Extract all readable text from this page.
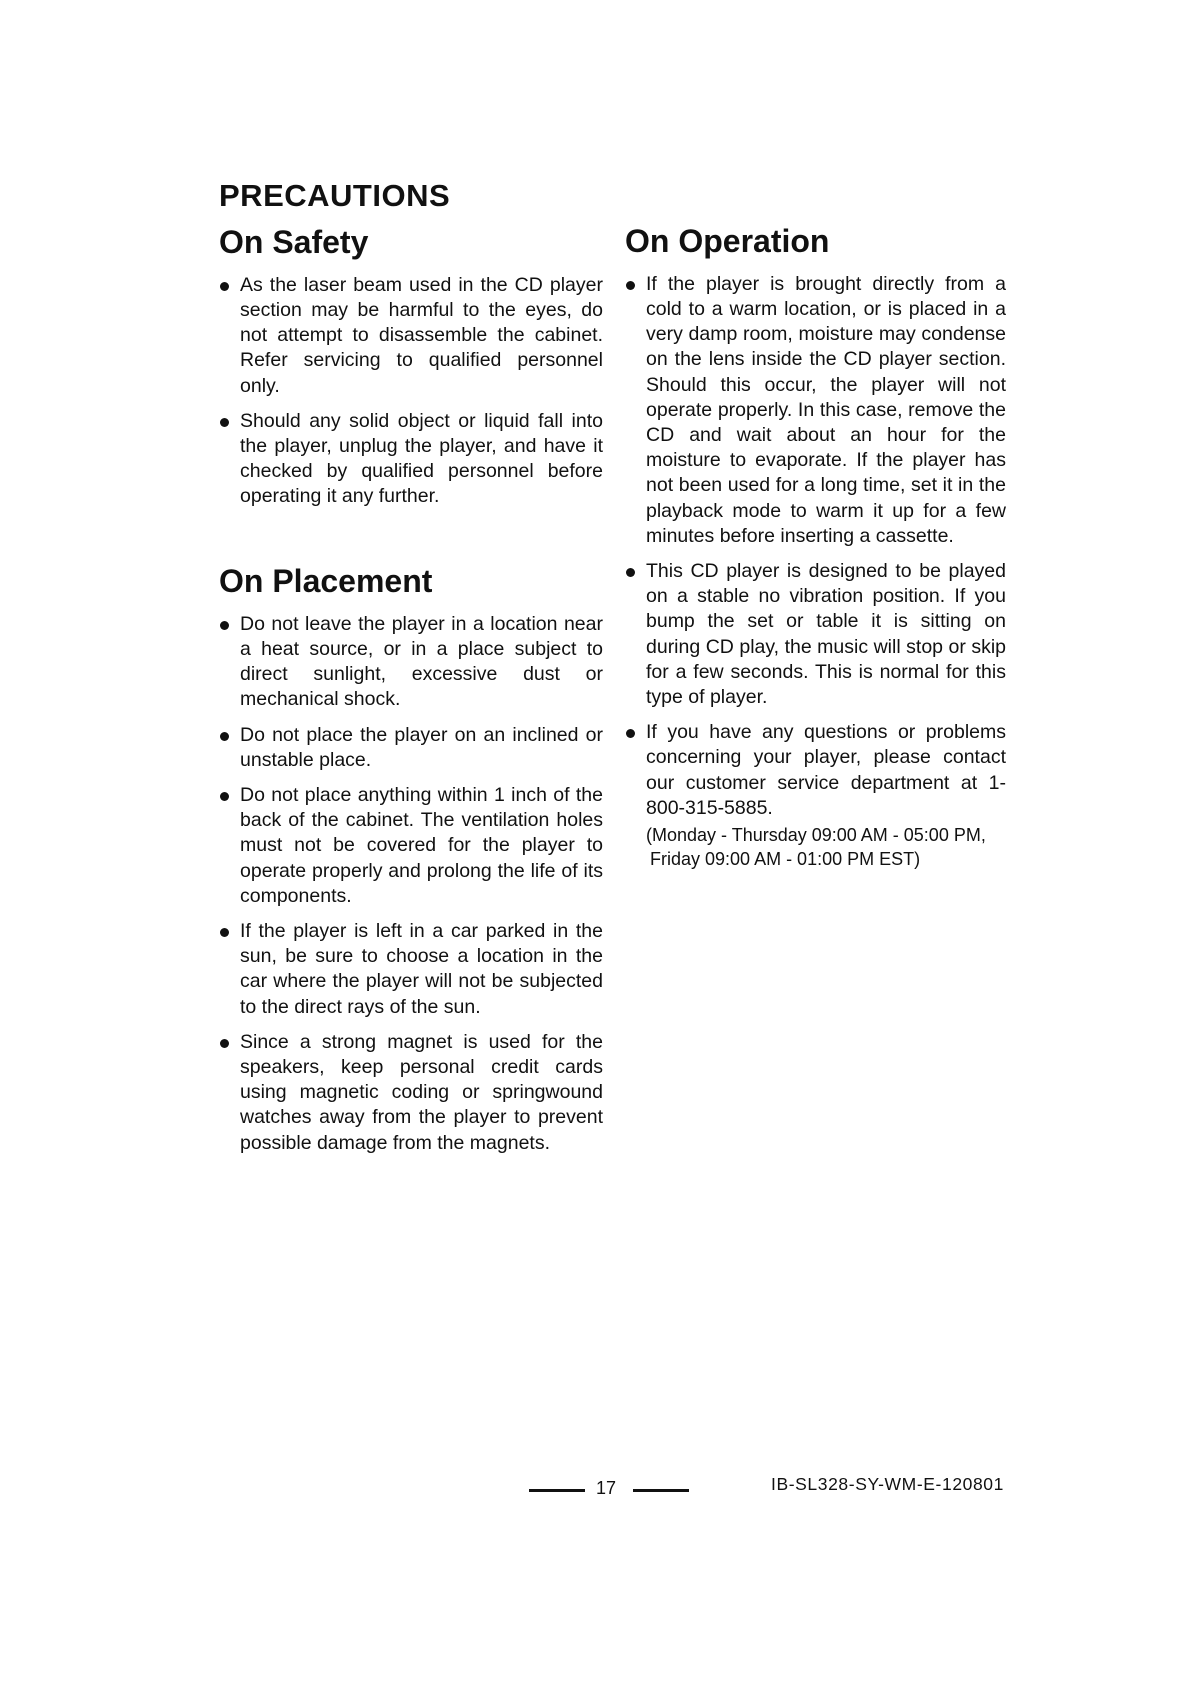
PRECAUTIONS
On Safety
As the laser beam used in the CD player section may be harmful to the eyes, do not attempt to disassemble the cabinet. Refer servicing to qualified personnel only.
Should any solid object or liquid fall into the player, unplug the player, and have it checked by qualified personnel before operating it any further.
On Placement
Do not leave the player in a location near a heat source, or in a place subject to direct sunlight, excessive dust or mechanical shock.
Do not place the player on an inclined or unstable place.
Do not place anything within 1 inch of the back of the cabinet. The ventilation holes must not be covered for the player to operate properly and prolong the life of its components.
If the player is left in a car parked in the sun, be sure to choose a location in the car where the player will not be subjected to the direct rays of the sun.
Since a strong magnet is used for the speakers, keep personal credit cards using magnetic coding or springwound watches away from the player to prevent possible damage from the magnets.
On Operation
If the player is brought directly from a cold to a warm location, or is placed in a very damp room, moisture may condense on the lens inside the CD player section. Should this occur, the player will not operate properly. In this case, remove the CD and wait about an hour for the moisture to evaporate. If the player has not been used for a long time, set it in the playback mode to warm it up for a few minutes before inserting a cassette.
This CD player is designed to be played on a stable no vibration position. If you bump the set or table it is sitting on during CD play, the music will stop or skip for a few seconds. This is normal for this type of player.
If you have any questions or problems concerning your player, please contact our customer service department at 1-800-315-5885.
(Monday - Thursday 09:00 AM - 05:00 PM,
Friday 09:00 AM - 01:00 PM EST)
17	IB-SL328-SY-WM-E-120801
